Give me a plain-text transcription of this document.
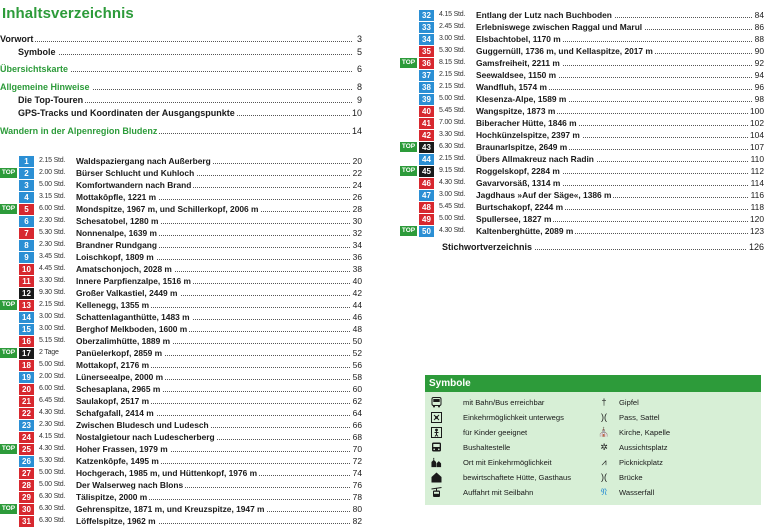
Inhaltsverzeichnis
Vorwort	3
Symbole	5
Übersichtskarte	6
Allgemeine Hinweise	8
Die Top-Touren	9
GPS-Tracks und Koordinaten der Ausgangspunkte	10
Wandern in der Alpenregion Bludenz	14
1	2.15 Std. Waldspaziergang nach Außerberg	20
TOP	2	2.00 Std. Bürser Schlucht und Kuhloch	22
3	5.00 Std. Komfortwandern nach Brand	24
4	3.15 Std. Mottakôpfle, 1221 m	26
TOP	5	6.00 Std. Mondspitze, 1967 m, und Schillerkopf, 2006 m	28
6	2.30 Std. Schesatobel, 1280 m	30
7	5.30 Std. Nonnenalpe, 1639 m	32
8	2.30 Std. Brandner Rundgang	34
9	3.45 Std. Loischkopf, 1809 m	36
10	4.45 Std. Amatschonjoch, 2028 m	38
11	3.30 Std. Innere Parpfienzalpe, 1516 m	40
12	9.30 Std. Großer Valkastiel, 2449 m	42
TOP 13	2.15 Std. Kellenegg, 1355 m	44
14	3.00 Std. Schattenlaganthütte, 1483 m	46
15	3.00 Std. Berghof Melkboden, 1600 m	48
16	5.15 Std. Oberzalimhütte, 1889 m	50
TOP 17	2 Tage Panüelerkopf, 2859 m	52
18	5.00 Std. Mottakopf, 2176 m	56
19	2.00 Std. Lünerseealpe, 2000 m	58
20	6.00 Std. Schesaplana, 2965 m	60
21	6.45 Std. Saulakopf, 2517 m	62
22	4.30 Std. Schafgafall, 2414 m	64
23	2.30 Std. Zwischen Bludesch und Ludesch	66
24	4.15 Std. Nostalgietour nach Ludescherberg	68
TOP 25	4.30 Std. Hoher Frassen, 1979 m	70
26	5.30 Std. Katzenkôpfe, 1495 m	72
27	5.00 Std. Hochgerach, 1985 m, und Hüttenkopf, 1976 m	74
28	5.00 Std. Der Walserweg nach Blons	76
29	6.30 Std. Tälispitze, 2000 m	78
TOP 30	6.30 Std. Gehrenspitze, 1871 m, und Kreuzspitze, 1947 m	80
31	6.30 Std. Löffelspitze, 1962 m	82
32	4.15 Std. Entlang der Lutz nach Buchboden	84
33	2.45 Std. Erlebniswege zwischen Raggal und Marul	86
34	3.00 Std. Elsbachtobel, 1170 m	88
35	5.30 Std. Guggernüll, 1736 m, und Kellaspitze, 2017 m	90
TOP 36	8.15 Std. Gamsfreiheit, 2211 m	92
37	2.15 Std. Seewaldsee, 1150 m	94
38	2.15 Std. Wandfluh, 1574 m	96
39	5.00 Std. Klesenza-Alpe, 1589 m	98
40	5.45 Std. Wangspitze, 1873 m	100
41	7.00 Std. Biberacher Hütte, 1846 m	102
42	3.30 Std. Hochkünzelspitze, 2397 m	104
TOP 43	6.30 Std. Braunarlspitze, 2649 m	107
44	2.15 Std. Übers Allmakreuz nach Radin	110
TOP 45	9.15 Std. Roggelskopf, 2284 m	112
46	4.30 Std. Gavarvorsäß, 1314 m	114
47	3.00 Std. Jagdhaus »Auf der Säge«, 1386 m	116
48	5.45 Std. Burtschakopf, 2244 m	118
49	5.00 Std. Spullersee, 1827 m	120
TOP 50	4.30 Std. Kaltenberghütte, 2089 m	123
Stichwortverzeichnis	126
Symbole
mit Bahn/Bus erreichbar	†	Gipfel
Einkehrmöglichkeit unterwegs	)(	Pass, Sattel
für Kinder geeignet	⛪ Kirche, Kapelle
Bushaltestelle	✲ Aussichtsplatz
Ort mit Einkehrmöglichkeit	⩘	Picknickplatz
bewirtschaftete Hütte, Gasthaus	)(	Brücke
Auffahrt mit Seilbahn	𝔑	Wasserfall
